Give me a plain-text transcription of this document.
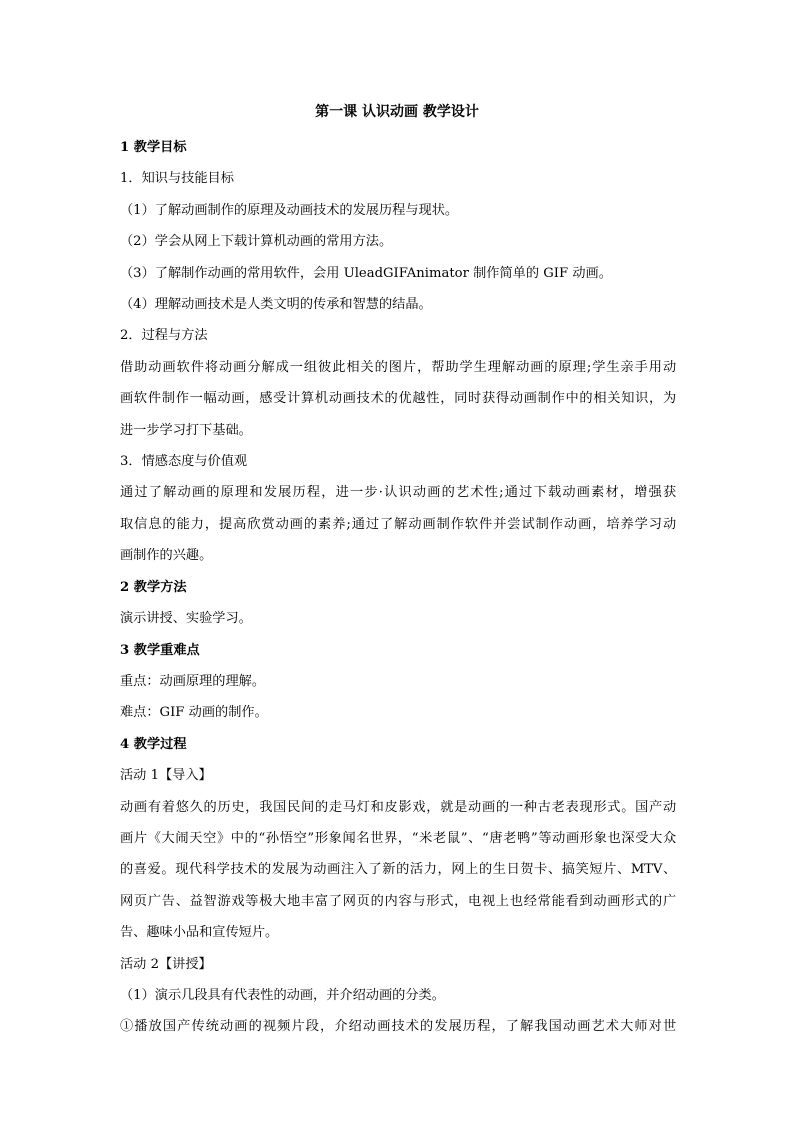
第一课 认识动画 教学设计
1 教学目标
1．知识与技能目标
（1）了解动画制作的原理及动画技术的发展历程与现状。
（2）学会从网上下载计算机动画的常用方法。
（3）了解制作动画的常用软件，会用 UleadGIFAnimator 制作简单的 GIF 动画。
（4）理解动画技术是人类文明的传承和智慧的结晶。
2．过程与方法
借助动画软件将动画分解成一组彼此相关的图片，帮助学生理解动画的原理;学生亲手用动
画软件制作一幅动画，感受计算机动画技术的优越性，同时获得动画制作中的相关知识，为
进一步学习打下基础。
3．情感态度与价值观
通过了解动画的原理和发展历程，进一步·认识动画的艺术性;通过下载动画素材，增强获
取信息的能力，提高欣赏动画的素养;通过了解动画制作软件并尝试制作动画，培养学习动
画制作的兴趣。
2 教学方法
演示讲授、实验学习。
3 教学重难点
重点：动画原理的理解。
难点：GIF 动画的制作。
4 教学过程
活动 1【导入】
动画有着悠久的历史，我国民间的走马灯和皮影戏，就是动画的一种古老表现形式。国产动
画片《大闹天空》中的“孙悟空”形象闻名世界，“米老鼠”、“唐老鸭”等动画形象也深受大众
的喜爱。现代科学技术的发展为动画注入了新的活力，网上的生日贺卡、搞笑短片、MTV、
网页广告、益智游戏等极大地丰富了网页的内容与形式，电视上也经常能看到动画形式的广
告、趣味小品和宣传短片。
活动 2【讲授】
（1）演示几段具有代表性的动画，并介绍动画的分类。
①播放国产传统动画的视频片段，介绍动画技术的发展历程，了解我国动画艺术大师对世
